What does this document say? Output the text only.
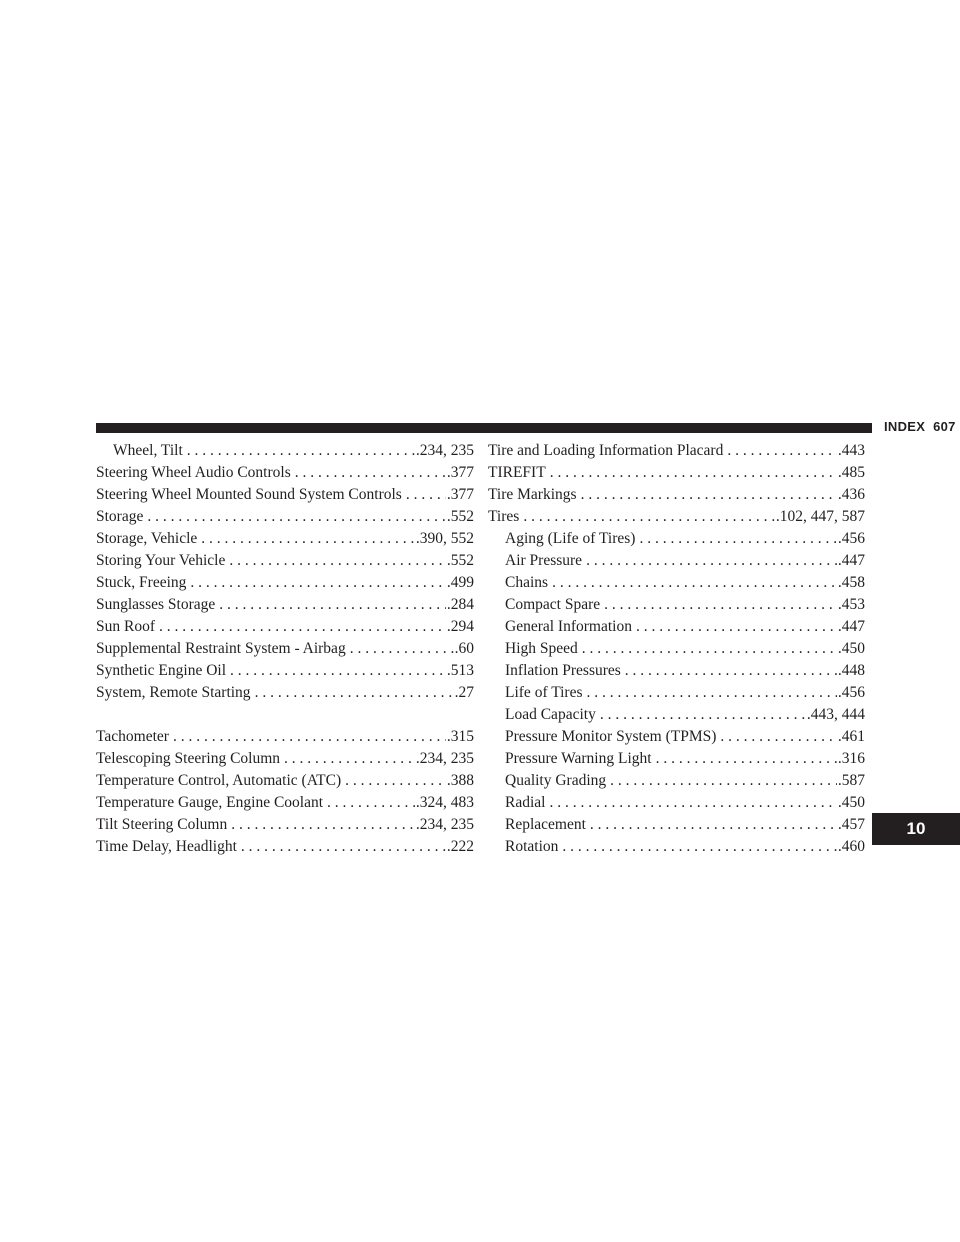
INDEX 607
Wheel, Tilt . . .	.234, 235
Steering Wheel Audio Controls . . .	.377
Steering Wheel Mounted Sound System Controls . . .	.377
Storage . . .	.552
Storage, Vehicle . . .	.390, 552
Storing Your Vehicle . . .	.552
Stuck, Freeing . . .	.499
Sunglasses Storage . . .	.284
Sun Roof . . .	.294
Supplemental Restraint System - Airbag . . .	.60
Synthetic Engine Oil . . .	.513
System, Remote Starting . . .	.27
Tachometer . . .	.315
Telescoping Steering Column . . .	.234, 235
Temperature Control, Automatic (ATC) . . .	.388
Temperature Gauge, Engine Coolant . . .	.324, 483
Tilt Steering Column . . .	.234, 235
Time Delay, Headlight . . .	.222
Tire and Loading Information Placard . . .	.443
TIREFIT . . .	.485
Tire Markings . . .	.436
Tires . . .	.102, 447, 587
Aging (Life of Tires) . . .	.456
Air Pressure . . .	.447
Chains . . .	.458
Compact Spare . . .	.453
General Information . . .	.447
High Speed . . .	.450
Inflation Pressures . . .	.448
Life of Tires . . .	.456
Load Capacity . . .	.443, 444
Pressure Monitor System (TPMS) . . .	.461
Pressure Warning Light . . .	.316
Quality Grading . . .	.587
Radial . . .	.450
Replacement . . .	.457
Rotation . . .	.460
10
